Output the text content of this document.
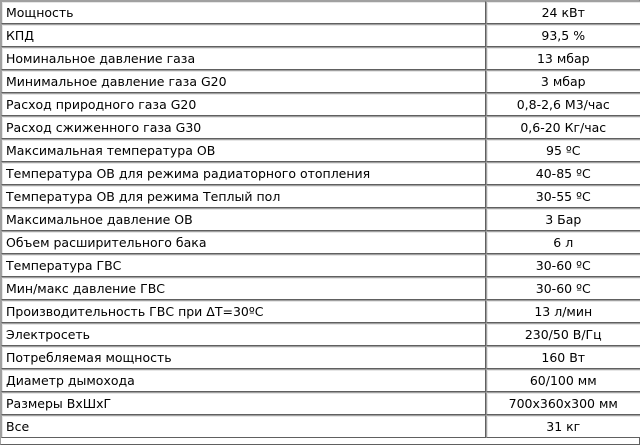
Мощность	24 кВт
КПД	93,5 %
Номинальное давление газа	13 мбар
Минимальное давление газа G20	3 мбар
Расход природного газа G20	0,8-2,6 М3/час
Расход сжиженного газа G30	0,6-20 Кг/час
Максимальная температура ОВ	95 ºС
Температура ОВ для режима радиаторного отопления	40-85 ºС
Температура ОВ для режима Теплый пол	30-55 ºС
Максимальное давление ОВ	3 Бар
Объем расширительного бака	6 л
Температура ГВС	30-60 ºС
Мин/макс давление ГВС	30-60 ºС
Производительность ГВС при ΔТ=30ºС	13 л/мин
Электросеть	230/50 В/Гц
Потребляемая мощность	160 Вт
Диаметр дымохода	60/100 мм
Размеры ВхШхГ	700х360х300 мм
Все	31 кг
